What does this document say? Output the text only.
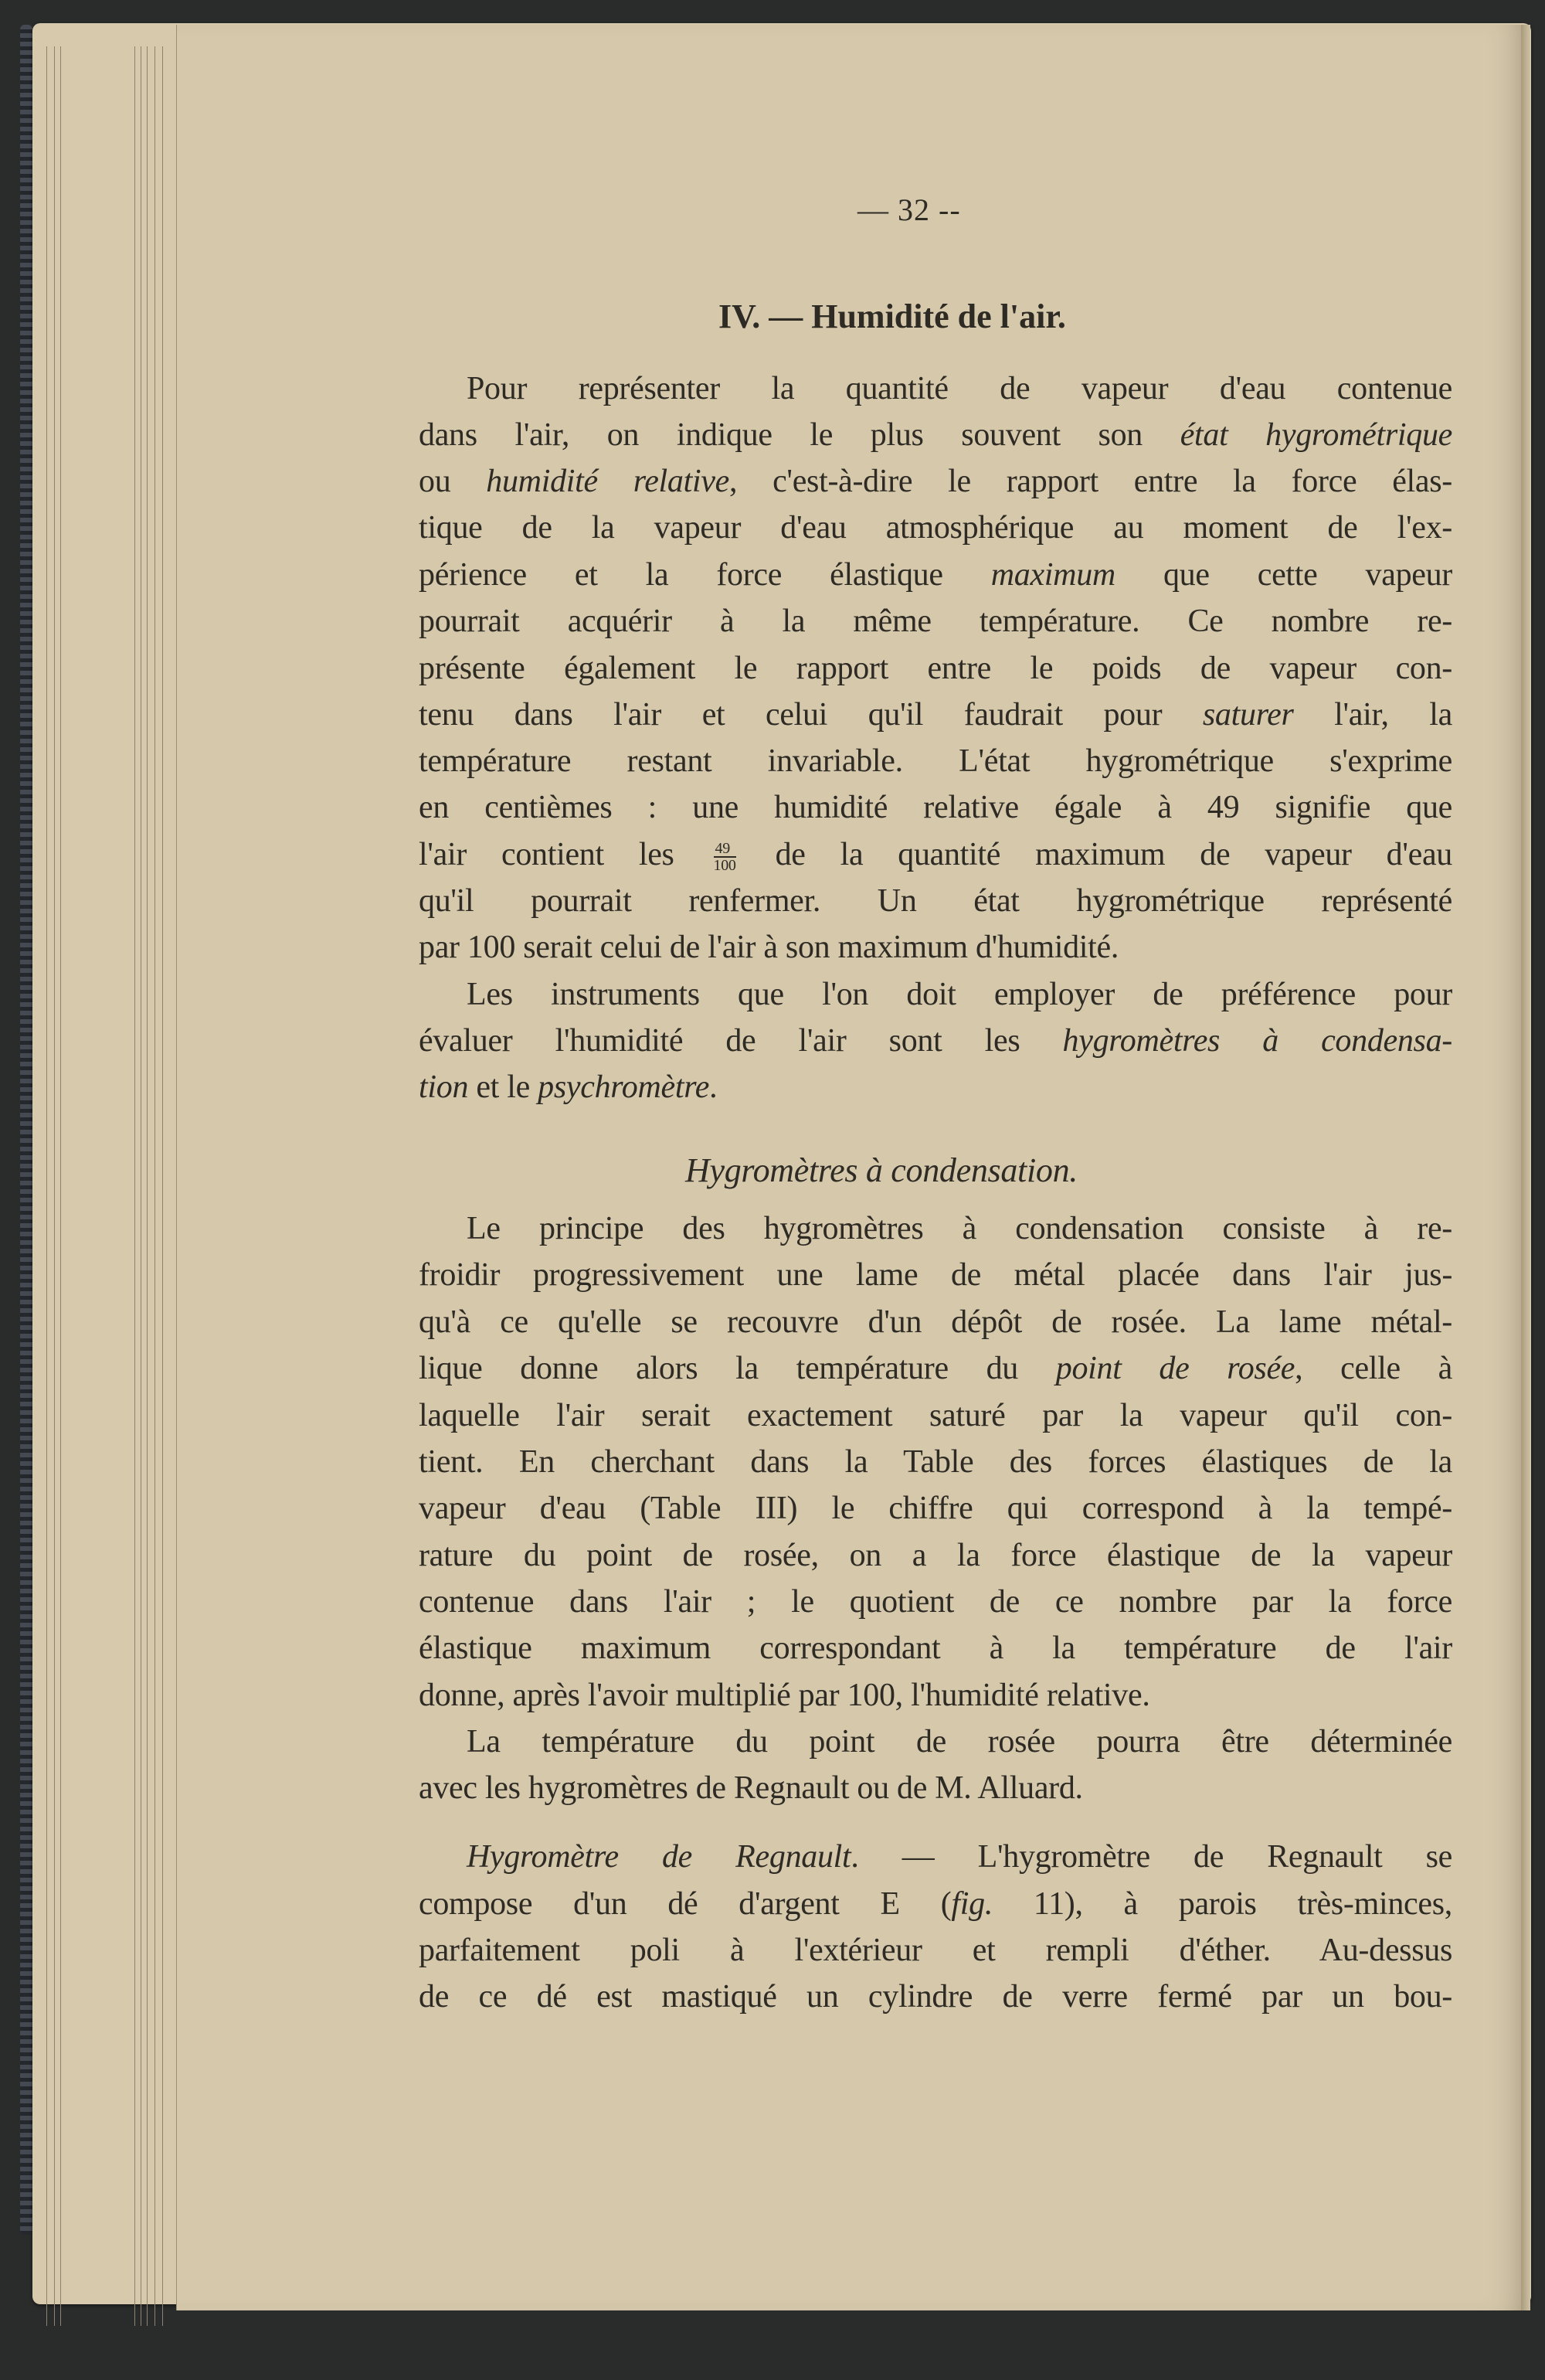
— 32 --
IV. — Humidité de l'air.
Pour représenter la quantité de vapeur d'eau contenue
dans l'air, on indique le plus souvent son état hygrométrique
ou humidité relative, c'est-à-dire le rapport entre la force élas-
tique de la vapeur d'eau atmosphérique au moment de l'ex-
périence et la force élastique maximum que cette vapeur
pourrait acquérir à la même température. Ce nombre re-
présente également le rapport entre le poids de vapeur con-
tenu dans l'air et celui qu'il faudrait pour saturer l'air, la
température restant invariable. L'état hygrométrique s'exprime
en centièmes : une humidité relative égale à 49 signifie que
l'air contient les $\frac{49}{100}$ de la quantité maximum de vapeur d'eau
qu'il pourrait renfermer. Un état hygrométrique représenté
par 100 serait celui de l'air à son maximum d'humidité.
Les instruments que l'on doit employer de préférence pour
évaluer l'humidité de l'air sont les hygromètres à condensa-
tion et le psychromètre.
Le principe des hygromètres à condensation consiste à re-
froidir progressivement une lame de métal placée dans l'air jus-
qu'à ce qu'elle se recouvre d'un dépôt de rosée. La lame métal-
lique donne alors la température du point de rosée, celle à
laquelle l'air serait exactement saturé par la vapeur qu'il con-
tient. En cherchant dans la Table des forces élastiques de la
vapeur d'eau (Table III) le chiffre qui correspond à la tempé-
rature du point de rosée, on a la force élastique de la vapeur
contenue dans l'air ; le quotient de ce nombre par la force
élastique maximum correspondant à la température de l'air
donne, après l'avoir multiplié par 100, l'humidité relative.
La température du point de rosée pourra être déterminée
avec les hygromètres de Regnault ou de M. Alluard.
Hygromètre de Regnault. — L'hygromètre de Regnault se
compose d'un dé d'argent E (fig. 11), à parois très-minces,
parfaitement poli à l'extérieur et rempli d'éther. Au-dessus
de ce dé est mastiqué un cylindre de verre fermé par un bou-
Hygromètres à condensation.
